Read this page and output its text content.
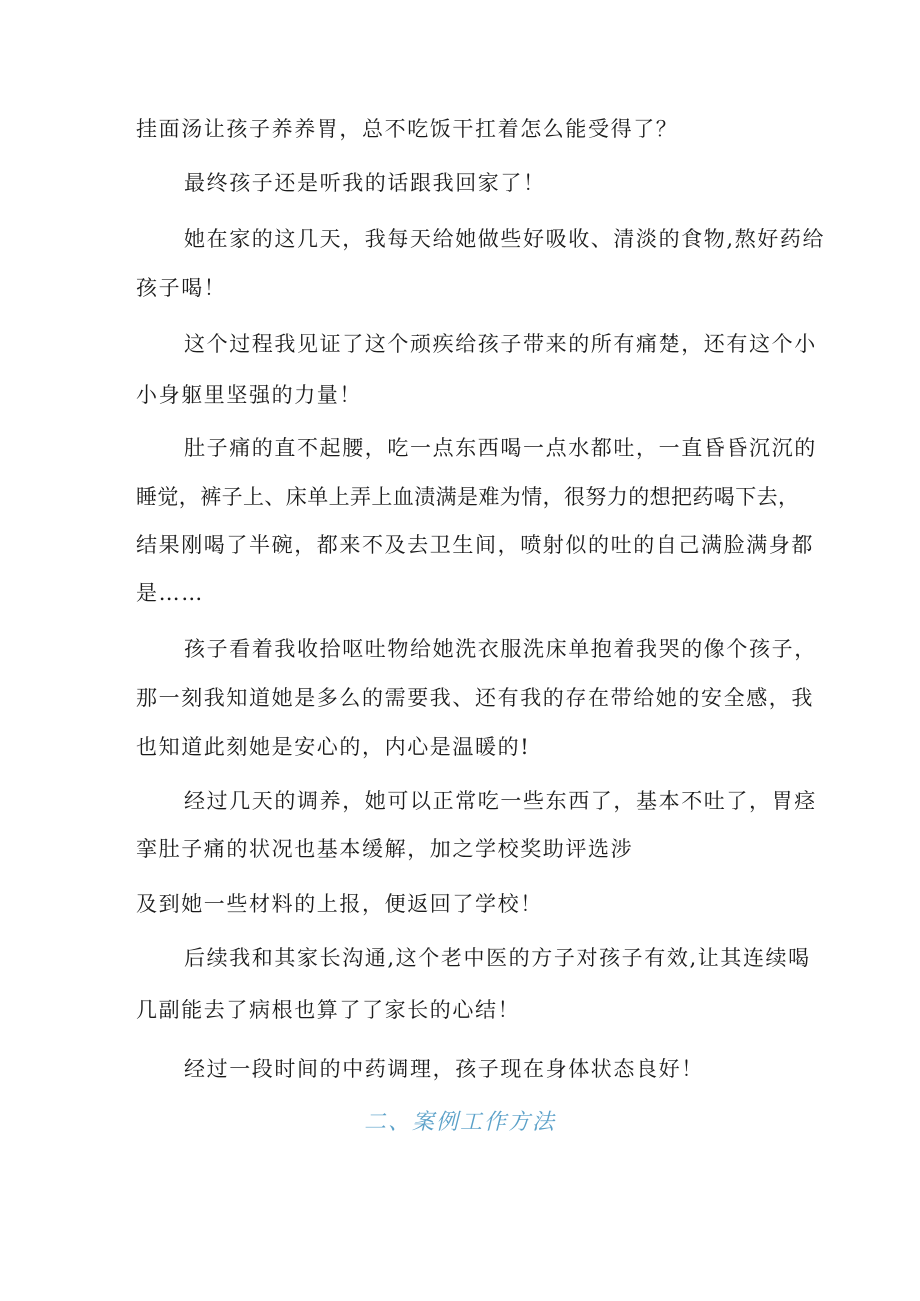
挂面汤让孩子养养胃，总不吃饭干扛着怎么能受得了？
最终孩子还是听我的话跟我回家了！
她在家的这几天，我每天给她做些好吸收、清淡的食物,熬好药给
孩子喝！
这个过程我见证了这个顽疾给孩子带来的所有痛楚，还有这个小
小身躯里坚强的力量！
肚子痛的直不起腰，吃一点东西喝一点水都吐，一直昏昏沉沉的
睡觉，裤子上、床单上弄上血渍满是难为情，很努力的想把药喝下去，
结果刚喝了半碗，都来不及去卫生间，喷射似的吐的自己满脸满身都
是……
孩子看着我收拾呕吐物给她洗衣服洗床单抱着我哭的像个孩子，
那一刻我知道她是多么的需要我、还有我的存在带给她的安全感，我
也知道此刻她是安心的，内心是温暖的!
经过几天的调养，她可以正常吃一些东西了，基本不吐了，胃痉
挛肚子痛的状况也基本缓解，加之学校奖助评选涉
及到她一些材料的上报，便返回了学校！
后续我和其家长沟通,这个老中医的方子对孩子有效,让其连续喝
几副能去了病根也算了了家长的心结！
经过一段时间的中药调理，孩子现在身体状态良好！
二、案例工作方法
